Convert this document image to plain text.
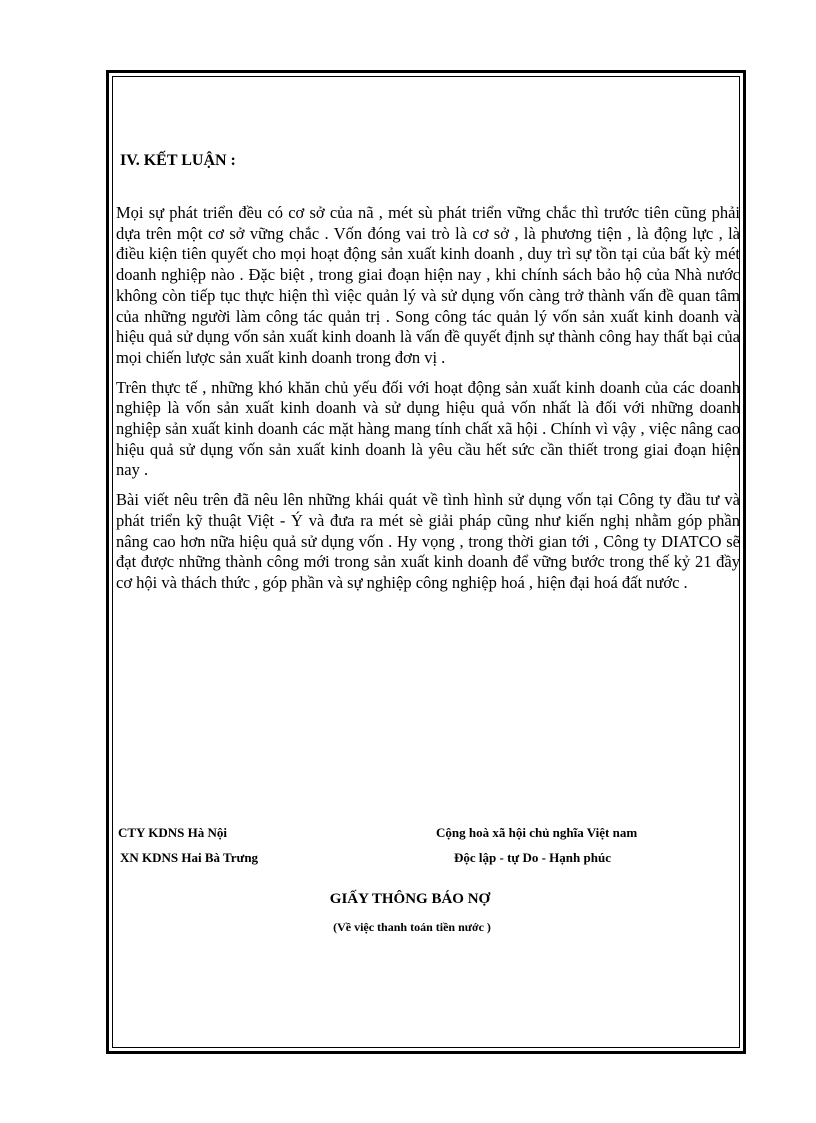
IV. KẾT LUẬN :

Mọi sự phát triển đều có cơ sở của nã , mét sù phát triển vững chắc thì trước tiên cũng phải dựa trên một cơ sở vững chắc . Vốn đóng vai trò là cơ sở , là phương tiện , là động lực , là điều kiện tiên quyết cho mọi hoạt động sản xuất kinh doanh , duy trì sự tồn tại của bất kỳ mét doanh nghiệp nào . Đặc biệt , trong giai đoạn hiện nay , khi chính sách bảo hộ của Nhà nước không còn tiếp tục thực hiện thì việc quản lý và sử dụng vốn càng trở thành vấn đề quan tâm của những người làm công tác quản trị . Song công tác quản lý vốn sản xuất kinh doanh và hiệu quả sử dụng vốn sản xuất kinh doanh là vấn đề quyết định sự thành công hay thất bại của mọi chiến lược sản xuất kinh doanh trong đơn vị .

Trên thực tế , những khó khăn chủ yếu đối với hoạt động sản xuất kinh doanh của các doanh nghiệp là vốn sản xuất kinh doanh và sử dụng hiệu quả vốn nhất là đối với những doanh nghiệp sản xuất kinh doanh các mặt hàng mang tính chất xã hội . Chính vì vậy , việc nâng cao hiệu quả sử dụng vốn sản xuất kinh doanh là yêu cầu hết sức cần thiết trong giai đoạn hiện nay .

Bài viết nêu trên đã nêu lên những khái quát về tình hình sử dụng vốn tại Công ty đầu tư và phát triển kỹ thuật Việt - Ý và đưa ra mét sè giải pháp cũng như kiến nghị nhằm góp phần nâng cao hơn nữa hiệu quả sử dụng vốn . Hy vọng , trong thời gian tới , Công ty DIATCO sẽ đạt được những thành công mới trong sản xuất kinh doanh để vững bước trong thế kỷ 21 đầy cơ hội và thách thức , góp phần và sự nghiệp công nghiệp hoá , hiện đại hoá đất nước .

CTY KDNS Hà Nội
XN KDNS Hai Bà Trưng
Cộng hoà xã hội chủ nghĩa Việt nam
Độc lập - tự Do - Hạnh phúc
GIẤY THÔNG BÁO NỢ
(Về việc thanh toán tiền nước )
